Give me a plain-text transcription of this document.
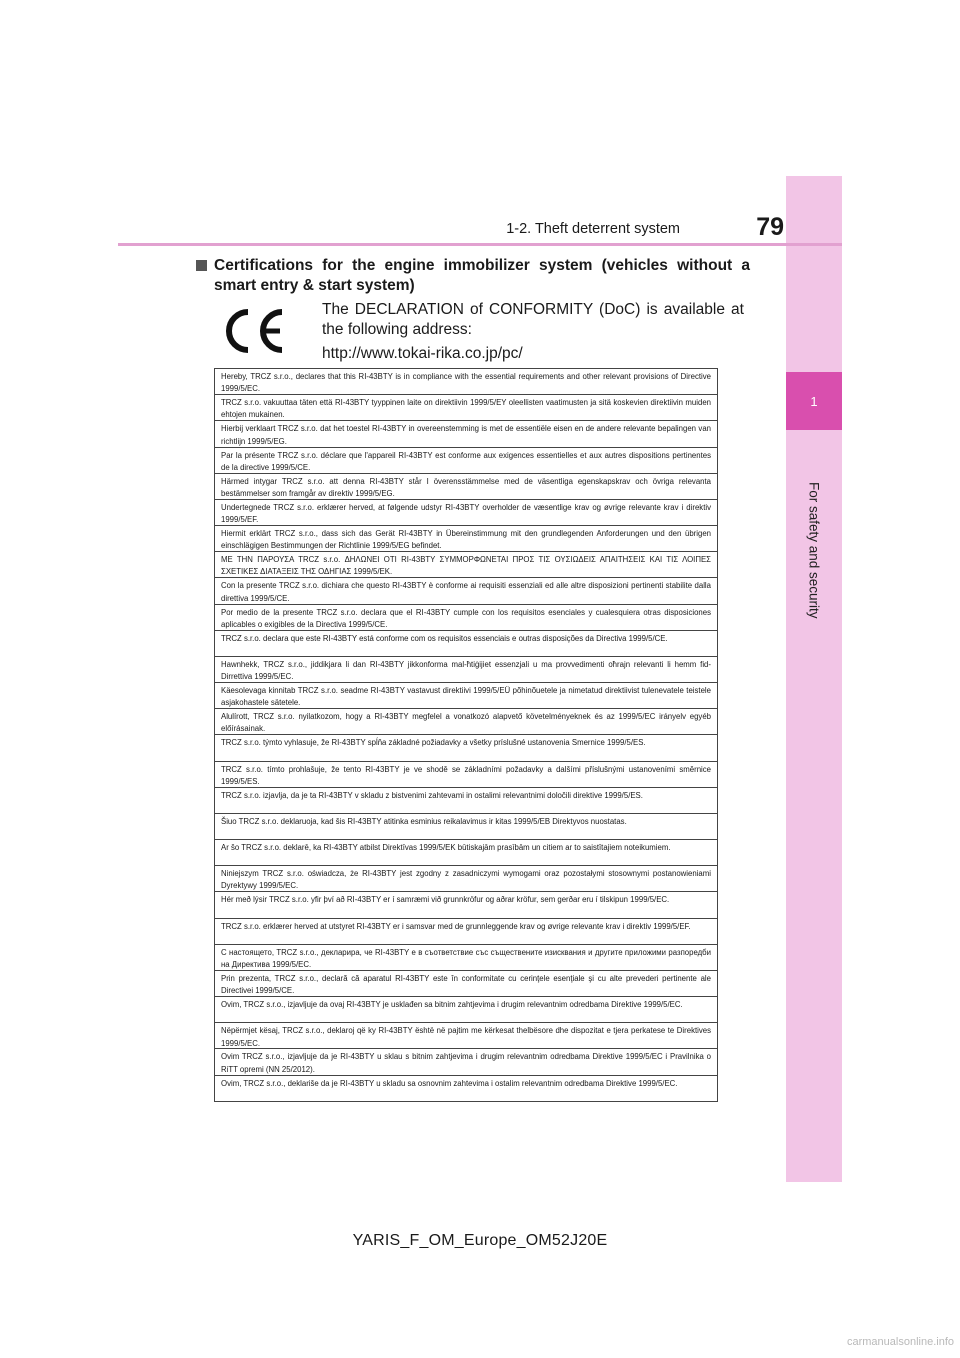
1
For safety and security
1-2. Theft deterrent system	79
Certifications for the engine immobilizer system (vehicles without a smart entry & start system)
The DECLARATION of CONFORMITY (DoC) is available at the following address:
http://www.tokai-rika.co.jp/pc/
Hereby, TRCZ s.r.o., declares that this RI-43BTY is in compliance with the essential requirements and other relevant provisions of Directive 1999/5/EC.
TRCZ s.r.o. vakuuttaa täten että RI-43BTY tyyppinen laite on direktiivin 1999/5/EY oleellisten vaatimusten ja sitä koskevien direktiivin muiden ehtojen mukainen.
Hierbij verklaart TRCZ s.r.o. dat het toestel RI-43BTY in overeenstemming is met de essentiële eisen en de andere relevante bepalingen van richtlijn 1999/5/EG.
Par la présente TRCZ s.r.o. déclare que l'appareil RI-43BTY est conforme aux exigences essentielles et aux autres dispositions pertinentes de la directive 1999/5/CE.
Härmed intygar TRCZ s.r.o. att denna RI-43BTY står I överensstämmelse med de väsentliga egenskapskrav och övriga relevanta bestämmelser som framgår av direktiv 1999/5/EG.
Undertegnede TRCZ s.r.o. erklærer herved, at følgende udstyr RI-43BTY overholder de væsentlige krav og øvrige relevante krav i direktiv 1999/5/EF.
Hiermit erklärt TRCZ s.r.o., dass sich das Gerät RI-43BTY in Übereinstimmung mit den grundlegenden Anforderungen und den übrigen einschlägigen Bestimmungen der Richtlinie 1999/5/EG befindet.
ΜΕ ΤΗΝ ΠΑΡΟΥΣΑ TRCZ s.r.o. ΔΗΛΩΝΕΙ ΟΤΙ RI-43BTY ΣΥΜΜΟΡΦΩΝΕΤΑΙ ΠΡΟΣ ΤΙΣ ΟΥΣΙΩΔΕΙΣ ΑΠΑΙΤΗΣΕΙΣ ΚΑΙ ΤΙΣ ΛΟΙΠΕΣ ΣΧΕΤΙΚΕΣ ΔΙΑΤΑΞΕΙΣ ΤΗΣ ΟΔΗΓΙΑΣ 1999/5/ΕΚ.
Con la presente TRCZ s.r.o. dichiara che questo RI-43BTY è conforme ai requisiti essenziali ed alle altre disposizioni pertinenti stabilite dalla direttiva 1999/5/CE.
Por medio de la presente TRCZ s.r.o. declara que el RI-43BTY cumple con los requisitos esenciales y cualesquiera otras disposiciones aplicables o exigibles de la Directiva 1999/5/CE.
TRCZ s.r.o. declara que este RI-43BTY está conforme com os requisitos essenciais e outras disposições da Directiva 1999/5/CE.
Hawnhekk, TRCZ s.r.o., jiddikjara li dan RI-43BTY jikkonforma mal-ħtiġijiet essenzjali u ma provvedimenti oħrajn relevanti li hemm fid-Dirrettiva 1999/5/EC.
Käesolevaga kinnitab TRCZ s.r.o. seadme RI-43BTY vastavust direktiivi 1999/5/EÜ põhinõuetele ja nimetatud direktiivist tulenevatele teistele asjakohastele sätetele.
Alulírott, TRCZ s.r.o. nyilatkozom, hogy a RI-43BTY megfelel a vonatkozó alapvető követelményeknek és az 1999/5/EC irányelv egyéb előírásainak.
TRCZ s.r.o. týmto vyhlasuje, že RI-43BTY spĺňa základné požiadavky a všetky príslušné ustanovenia Smernice 1999/5/ES.
TRCZ s.r.o. tímto prohlašuje, že tento RI-43BTY je ve shodě se základními požadavky a dalšími příslušnými ustanoveními směrnice 1999/5/ES.
TRCZ s.r.o. izjavlja, da je ta RI-43BTY v skladu z bistvenimi zahtevami in ostalimi relevantnimi določili direktive 1999/5/ES.
Šiuo TRCZ s.r.o. deklaruoja, kad šis RI-43BTY atitinka esminius reikalavimus ir kitas 1999/5/EB Direktyvos nuostatas.
Ar šo TRCZ s.r.o. deklarē, ka RI-43BTY atbilst Direktīvas 1999/5/EK būtiskajām prasībām un citiem ar to saistītajiem noteikumiem.
Niniejszym TRCZ s.r.o. oświadcza, że RI-43BTY jest zgodny z zasadniczymi wymogami oraz pozostałymi stosownymi postanowieniami Dyrektywy 1999/5/EC.
Hér með lýsir TRCZ s.r.o. yfir því að RI-43BTY er í samræmi við grunnkröfur og aðrar kröfur, sem gerðar eru í tilskipun 1999/5/EC.
TRCZ s.r.o. erklærer herved at utstyret RI-43BTY er i samsvar med de grunnleggende krav og øvrige relevante krav i direktiv 1999/5/EF.
С настоящето, TRCZ s.r.o., декларира, че RI-43BTY е в съответствие със съществените изисквания и другите приложими разпоредби на Директива 1999/5/ЕС.
Prin prezenta, TRCZ s.r.o., declară că aparatul RI-43BTY este în conformitate cu cerinţele esenţiale şi cu alte prevederi pertinente ale Directivei 1999/5/CE.
Ovim, TRCZ s.r.o., izjavljuje da ovaj RI-43BTY je usklađen sa bitnim zahtjevima i drugim relevantnim odredbama Direktive 1999/5/EC.
Nëpërmjet kësaj, TRCZ s.r.o., deklaroj që ky RI-43BTY është në pajtim me kërkesat thelbësore dhe dispozitat e tjera perkatese te Direktives 1999/5/EC.
Ovim TRCZ s.r.o., izjavljuje da je RI-43BTY u sklau s bitnim zahtjevima i drugim relevantnim odredbama Direktive 1999/5/EC i Pravilnika o RiTT opremi (NN 25/2012).
Ovim, TRCZ s.r.o., deklariše da je RI-43BTY u skladu sa osnovnim zahtevima i ostalim relevantnim odredbama Direktive 1999/5/EC.
YARIS_F_OM_Europe_OM52J20E
carmanualsonline.info
